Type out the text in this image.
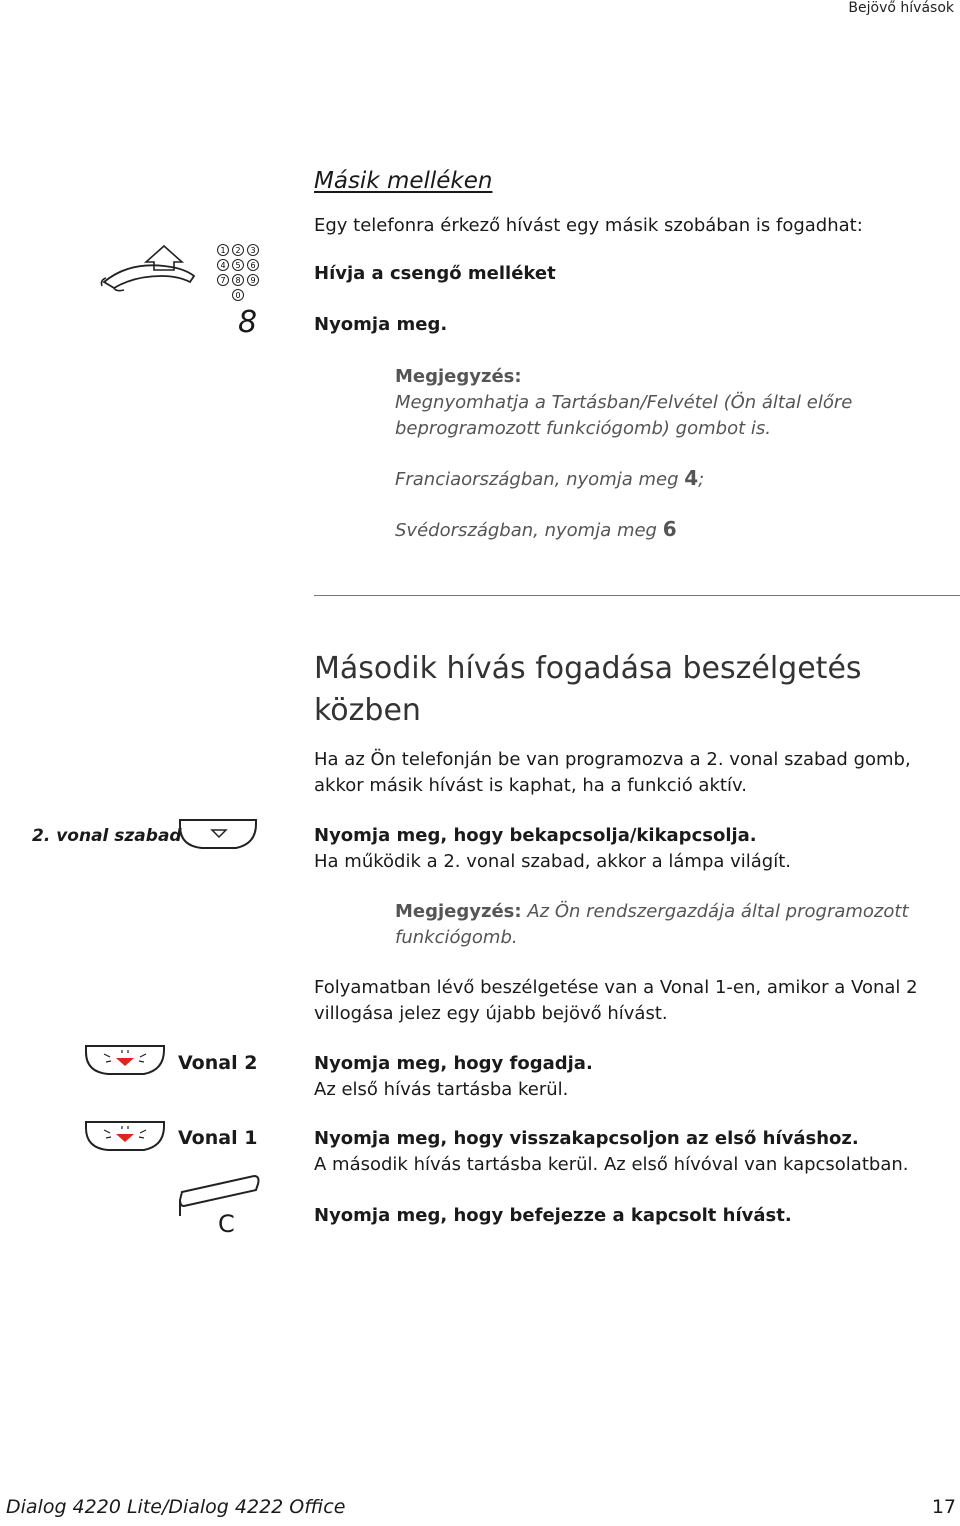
Bejövő hívások
Másik melléken
Egy telefonra érkező hívást egy másik szobában is fogadhat:
1 2 3
4 5 6
7 8 9
0
8
Hívja a csengő melléket
Nyomja meg.
Megjegyzés:
Megnyomhatja a Tartásban/Felvétel (Ön által előre
beprogramozott funkciógomb) gombot is.
Franciaországban, nyomja meg 4;
Svédországban, nyomja meg 6
Második hívás fogadása beszélgetés közben
Ha az Ön telefonján be van programozva a 2. vonal szabad gomb,
akkor másik hívást is kaphat, ha a funkció aktív.
2. vonal szabad	Nyomja meg, hogy bekapcsolja/kikapcsolja.
Ha működik a 2. vonal szabad, akkor a lámpa világít.
Megjegyzés: Az Ön rendszergazdája által programozott
funkciógomb.
Folyamatban lévő beszélgetése van a Vonal 1-en, amikor a Vonal 2
villogása jelez egy újabb bejövő hívást.
Vonal 2	Nyomja meg, hogy fogadja.
Az első hívás tartásba kerül.
Vonal 1	Nyomja meg, hogy visszakapcsoljon az első híváshoz.
A második hívás tartásba kerül. Az első hívóval van kapcsolatban.
C	Nyomja meg, hogy befejezze a kapcsolt hívást.
Dialog 4220 Lite/Dialog 4222 Office	17
